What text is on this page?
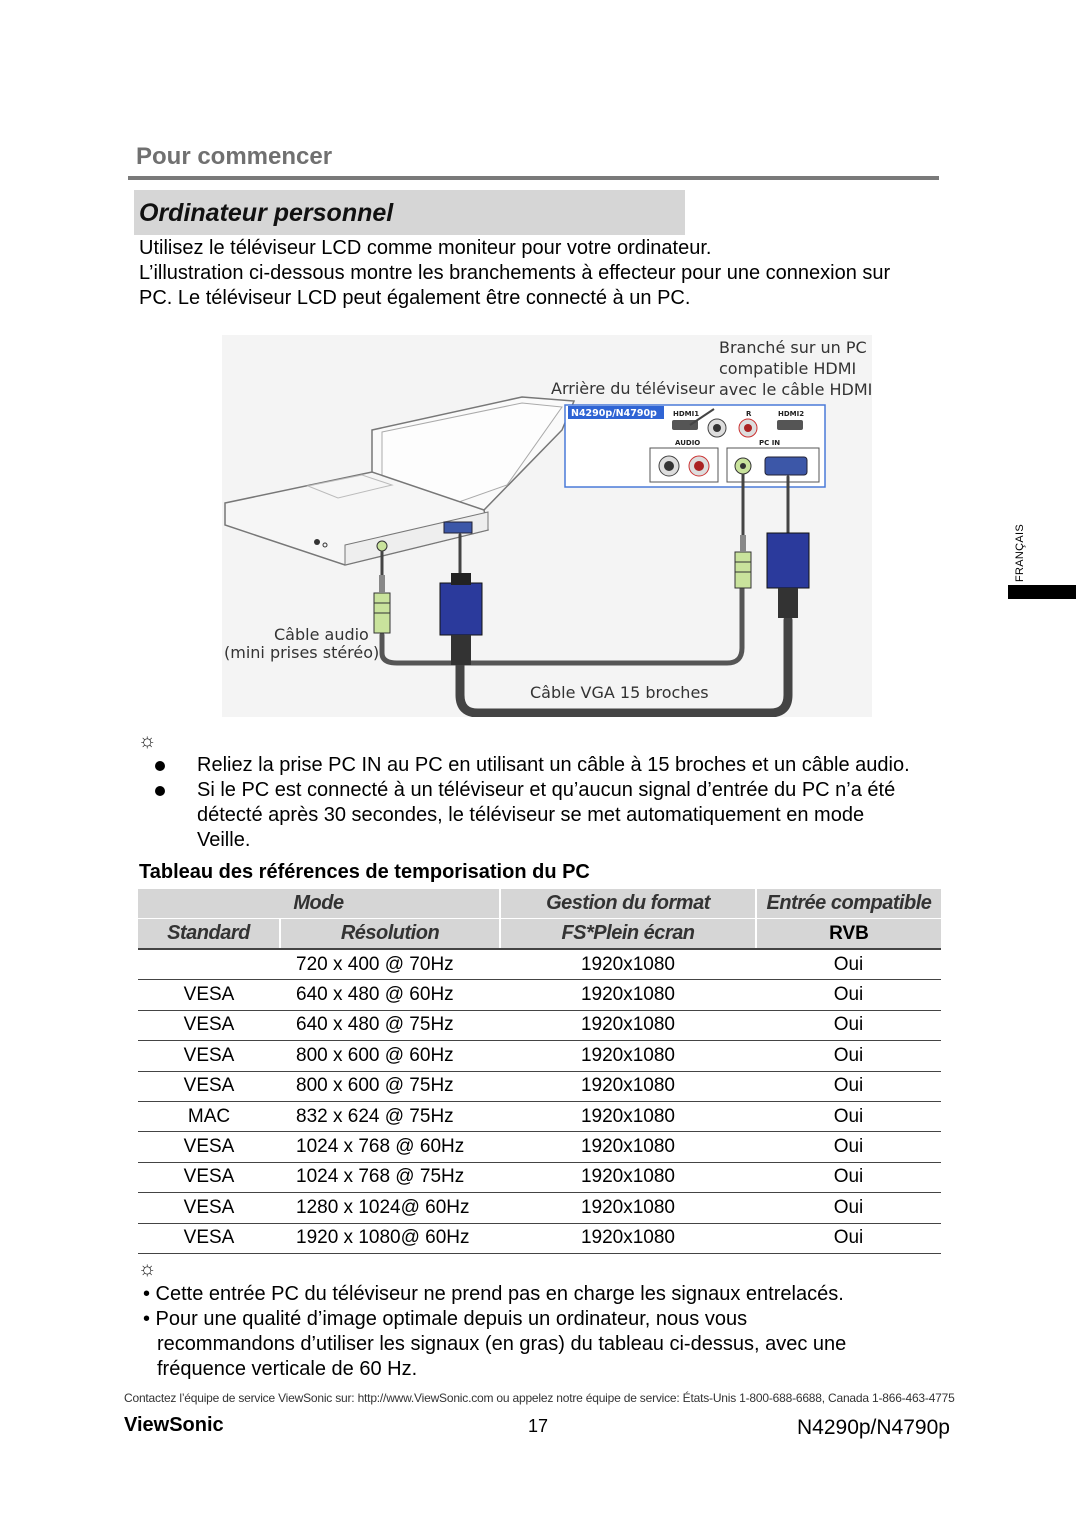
Pour commencer
Ordinateur personnel
Utilisez le téléviseur LCD comme moniteur pour votre ordinateur.
L’illustration ci-dessous montre les branchements à effecteur pour une connexion sur
PC. Le téléviseur LCD peut également être connecté à un PC.
FRANÇAIS
Branché sur un PC
compatible HDMI
avec le câble HDMI
Arrière du téléviseur
N4290p/N4790p HDMI1	R	HDMI2
AUDIO	PC IN
Câble audio
(mini prises stéréo)
Câble VGA 15 broches
☼
Reliez la prise PC IN au PC en utilisant un câble à 15 broches et un câble audio.
Si le PC est connecté à un téléviseur et qu’aucun signal d’entrée du PC n’a été
détecté après 30 secondes, le téléviseur se met automatiquement en mode
Veille.
Tableau des références de temporisation du PC
Mode		Gestion du format	Entrée compatible
Standard	Résolution	FS*Plein écran	RVB
	720 x 400 @ 70Hz	1920x1080	Oui
VESA	640 x 480 @ 60Hz	1920x1080	Oui
VESA	640 x 480 @ 75Hz	1920x1080	Oui
VESA	800 x 600 @ 60Hz	1920x1080	Oui
VESA	800 x 600 @ 75Hz	1920x1080	Oui
MAC	832 x 624 @ 75Hz	1920x1080	Oui
VESA	1024 x 768 @ 60Hz	1920x1080	Oui
VESA	1024 x 768 @ 75Hz	1920x1080	Oui
VESA	1280 x 1024@ 60Hz	1920x1080	Oui
VESA	1920 x 1080@ 60Hz	1920x1080	Oui
☼
• Cette entrée PC du téléviseur ne prend pas en charge les signaux entrelacés.
• Pour une qualité d’image optimale depuis un ordinateur, nous vous
recommandons d’utiliser les signaux (en gras) du tableau ci-dessus, avec une
fréquence verticale de 60 Hz.
Contactez l’équipe de service ViewSonic sur: http://www.ViewSonic.com ou appelez notre équipe de service: États-Unis 1-800-688-6688, Canada 1-866-463-4775
ViewSonic	17	N4290p/N4790p
